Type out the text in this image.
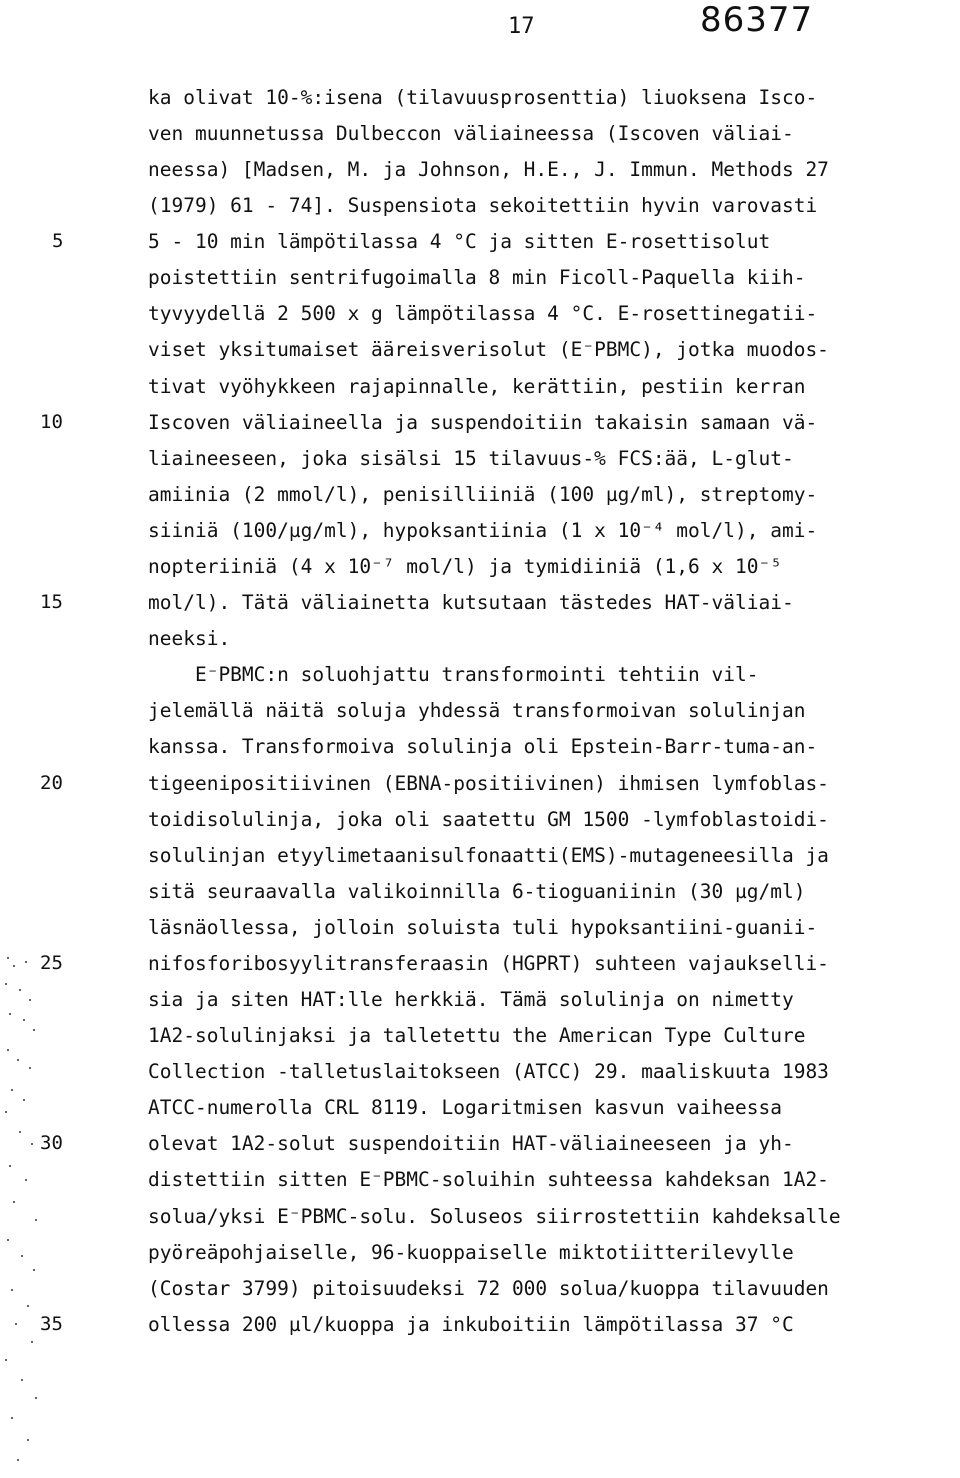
17	86377
5
10
15
20
25
30
35
ka olivat 10-%:isena (tilavuusprosenttia) liuoksena Isco-
ven muunnetussa Dulbeccon väliaineessa (Iscoven väliai-
neessa) [Madsen, M. ja Johnson, H.E., J. Immun. Methods 27
(1979) 61 - 74]. Suspensiota sekoitettiin hyvin varovasti
5 - 10 min lämpötilassa 4 °C ja sitten E-rosettisolut
poistettiin sentrifugoimalla 8 min Ficoll-Paquella kiih-
tyvyydellä 2 500 x g lämpötilassa 4 °C. E-rosettinegatii-
viset yksitumaiset ääreisverisolut (E⁻PBMC), jotka muodos-
tivat vyöhykkeen rajapinnalle, kerättiin, pestiin kerran
Iscoven väliaineella ja suspendoitiin takaisin samaan vä-
liaineeseen, joka sisälsi 15 tilavuus-% FCS:ää, L-glut-
amiinia (2 mmol/l), penisilliiniä (100 µg/ml), streptomy-
siiniä (100/µg/ml), hypoksantiinia (1 x 10⁻⁴ mol/l), ami-
nopteriiniä (4 x 10⁻⁷ mol/l) ja tymidiiniä (1,6 x 10⁻⁵
mol/l). Tätä väliainetta kutsutaan tästedes HAT-väliai-
neeksi.
E⁻PBMC:n soluohjattu transformointi tehtiin vil-
jelemällä näitä soluja yhdessä transformoivan solulinjan
kanssa. Transformoiva solulinja oli Epstein-Barr-tuma-an-
tigeenipositiivinen (EBNA-positiivinen) ihmisen lymfoblas-
toidisolulinja, joka oli saatettu GM 1500 -lymfoblastoidi-
solulinjan etyylimetaanisulfonaatti(EMS)-mutageneesilla ja
sitä seuraavalla valikoinnilla 6-tioguaniinin (30 µg/ml)
läsnäollessa, jolloin soluista tuli hypoksantiini-guanii-
nifosforibosyylitransferaasin (HGPRT) suhteen vajaukselli-
sia ja siten HAT:lle herkkiä. Tämä solulinja on nimetty
1A2-solulinjaksi ja talletettu the American Type Culture
Collection -talletuslaitokseen (ATCC) 29. maaliskuuta 1983
ATCC-numerolla CRL 8119. Logaritmisen kasvun vaiheessa
olevat 1A2-solut suspendoitiin HAT-väliaineeseen ja yh-
distettiin sitten E⁻PBMC-soluihin suhteessa kahdeksan 1A2-
solua/yksi E⁻PBMC-solu. Soluseos siirrostettiin kahdeksalle
pyöreäpohjaiselle, 96-kuoppaiselle miktotiitterilevylle
(Costar 3799) pitoisuudeksi 72 000 solua/kuoppa tilavuuden
ollessa 200 µl/kuoppa ja inkuboitiin lämpötilassa 37 °C
